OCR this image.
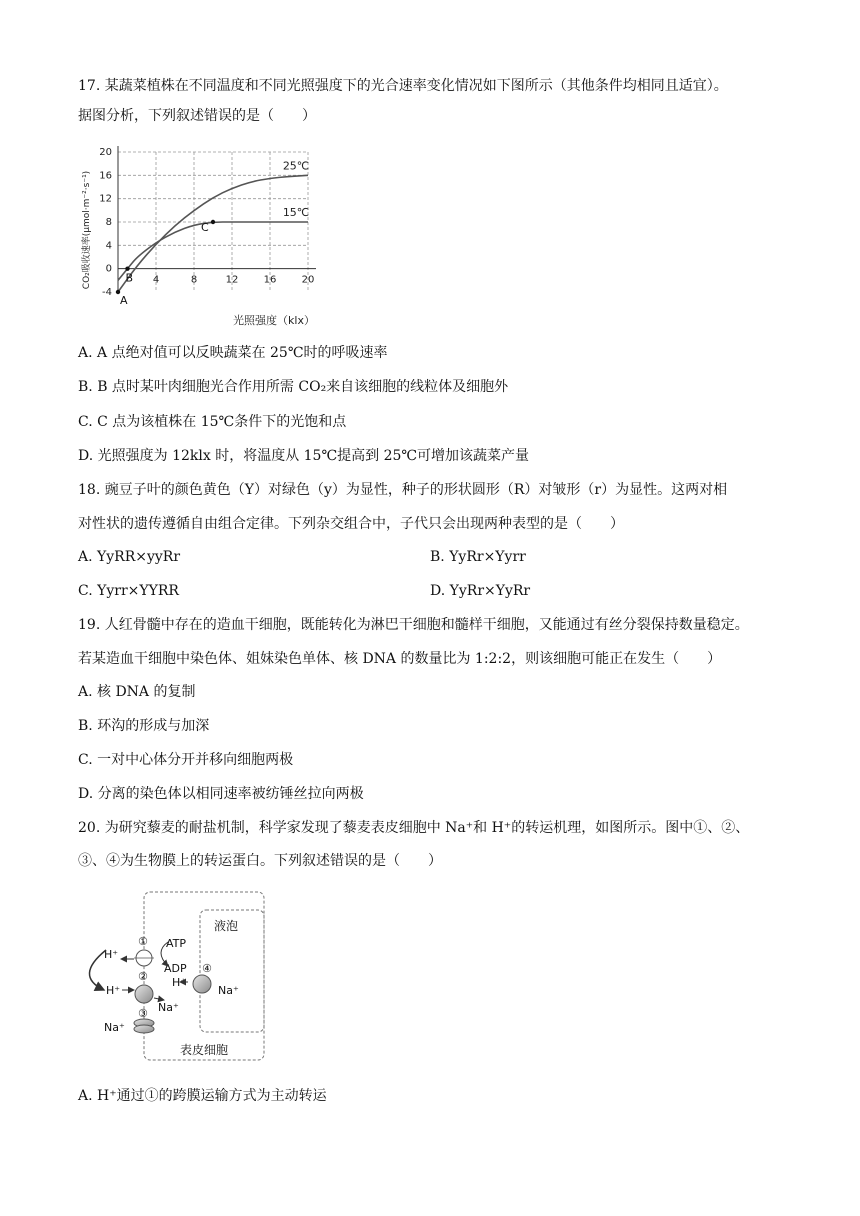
17. 某蔬菜植株在不同温度和不同光照强度下的光合速率变化情况如下图所示（其他条件均相同且适宜）。
据图分析，下列叙述错误的是（　　）
-4
0
4
8
12
16
20
4	8	12	16	20
25℃
15℃
A
B
C
CO₂吸收速率(μmol·m⁻²·s⁻¹)
光照强度（klx）
A. A 点绝对值可以反映蔬菜在 25℃时的呼吸速率
B. B 点时某叶肉细胞光合作用所需 CO₂来自该细胞的线粒体及细胞外
C. C 点为该植株在 15℃条件下的光饱和点
D. 光照强度为 12klx 时，将温度从 15℃提高到 25℃可增加该蔬菜产量
18. 豌豆子叶的颜色黄色（Y）对绿色（y）为显性，种子的形状圆形（R）对皱形（r）为显性。这两对相
对性状的遗传遵循自由组合定律。下列杂交组合中，子代只会出现两种表型的是（　　）
A. YyRR×yyRr	B. YyRr×Yyrr
C. Yyrr×YYRR	D. YyRr×YyRr
19. 人红骨髓中存在的造血干细胞，既能转化为淋巴干细胞和髓样干细胞，又能通过有丝分裂保持数量稳定。
若某造血干细胞中染色体、姐妹染色单体、核 DNA 的数量比为 1:2:2，则该细胞可能正在发生（　　）
A. 核 DNA 的复制
B. 环沟的形成与加深
C. 一对中心体分开并移向细胞两极
D. 分离的染色体以相同速率被纺锤丝拉向两极
20. 为研究藜麦的耐盐机制，科学家发现了藜麦表皮细胞中 Na⁺和 H⁺的转运机理，如图所示。图中①、②、
③、④为生物膜上的转运蛋白。下列叙述错误的是（　　）
液泡
表皮细胞
①
H⁺
ATP
ADP
②
H⁺
Na⁺
③
Na⁺
④
H⁺
Na⁺
A. H⁺通过①的跨膜运输方式为主动转运
